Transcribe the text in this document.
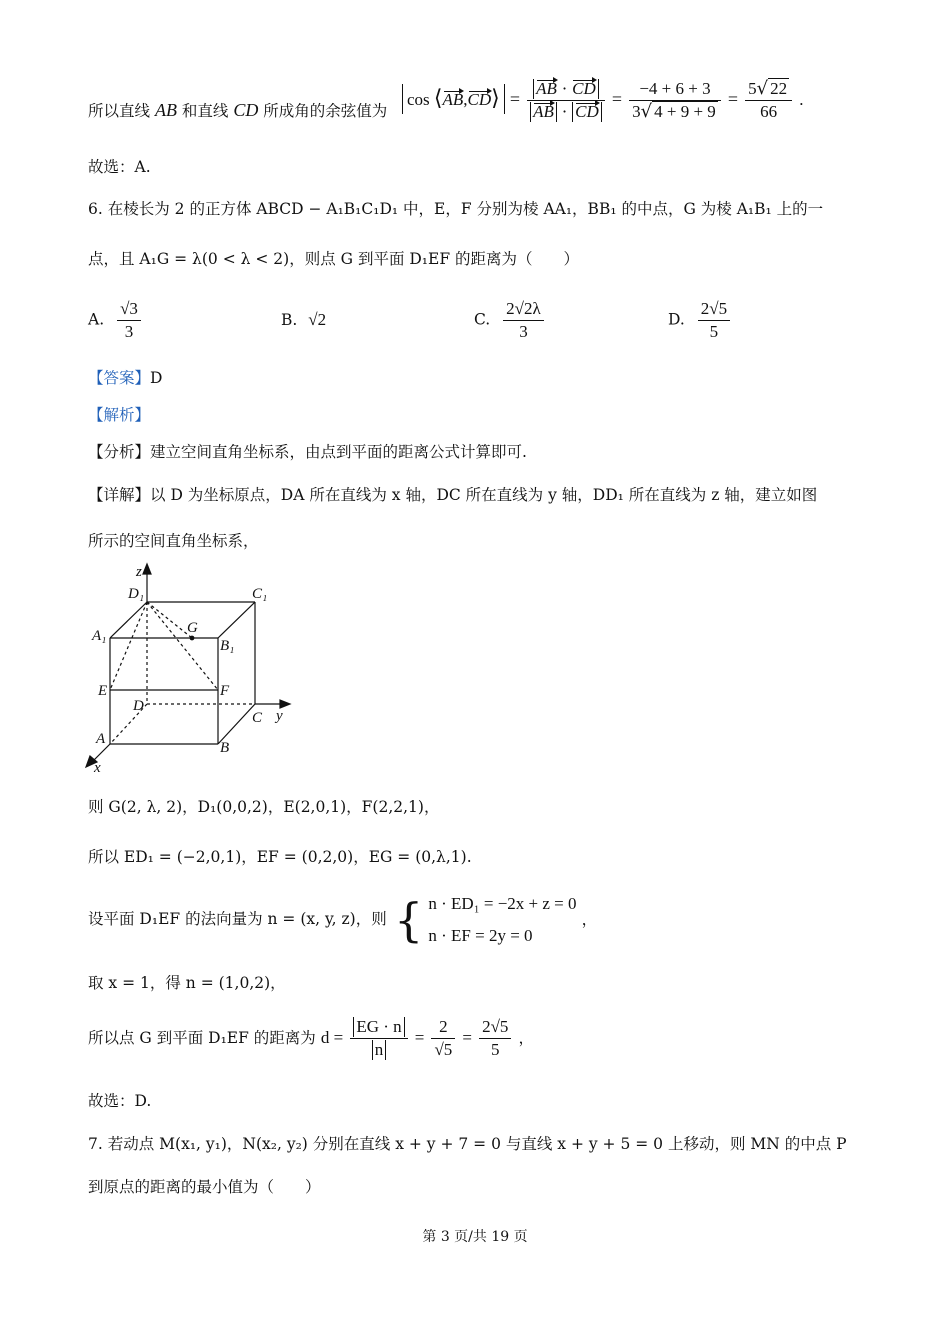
所以直线 AB 和直线 CD 所成角的余弦值为
cos ⟨AB,CD⟩ = $\frac{AB \cdot CD}{AB \cdot CD} = \frac{-4 + 6 + 3}{3√ 4 + 9 + 9} = \frac{5√ 22}{66}$ .
故选：A.
6. 在棱长为 2 的正方体 ABCD − A₁B₁C₁D₁ 中，E，F 分别为棱 AA₁，BB₁ 的中点，G 为棱 A₁B₁ 上的一
点，且 A₁G = λ(0 < λ < 2)，则点 G 到平面 D₁EF 的距离为（　　）
A. $\frac{√3}{3}$	B. √2	C. $\frac{2√2\lambda}{3}$	D. $\frac{2√5}{5}$
【答案】D
【解析】
【分析】建立空间直角坐标系，由点到平面的距离公式计算即可.
【详解】以 D 为坐标原点，DA 所在直线为 x 轴，DC 所在直线为 y 轴，DD₁ 所在直线为 z 轴，建立如图
所示的空间直角坐标系，
z
y
x
D₁	C₁
A₁
B₁
G
E	F
D
C
A
B
则 G(2, λ, 2)，D₁(0,0,2)，E(2,0,1)，F(2,2,1)，
所以 ED₁ = (−2,0,1)，EF = (0,2,0)，EG = (0,λ,1).
设平面 D₁EF 的法向量为 n = (x, y, z)，则 { n · ED₁ = −2x + z = 0
n · EF = 2y = 0
，
取 x = 1，得 n = (1,0,2)，
所以点 G 到平面 D₁EF 的距离为 $d = \frac{EG \cdot n}{n} = \frac{2}{√5} = \frac{2√5}{5}$ ，
故选：D.
7. 若动点 M(x₁, y₁)，N(x₂, y₂) 分别在直线 x + y + 7 = 0 与直线 x + y + 5 = 0 上移动，则 MN 的中点 P
到原点的距离的最小值为（　　）
第 3 页/共 19 页
